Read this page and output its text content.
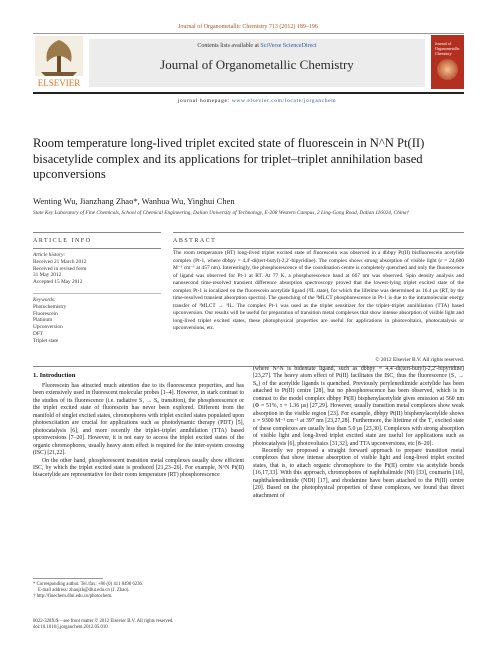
Journal of Organometallic Chemistry 713 (2012) 189–196
ELSEVIER
Contents lists available at SciVerse ScienceDirect
Journal of Organometallic Chemistry
Journal of Organometallic Chemistry
journal homepage: www.elsevier.com/locate/jorganchem
Room temperature long-lived triplet excited state of fluorescein in N^N Pt(II) bisacetylide complex and its applications for triplet–triplet annihilation based upconversions
Wenting Wu, Jianzhang Zhao*, Wanhua Wu, Yinghui Chen
State Key Laboratory of Fine Chemicals, School of Chemical Engineering, Dalian University of Technology, E-208 Western Campus, 2 Ling-Gong Road, Dalian 116024, China†
ARTICLE INFO
Article history:
Received 21 March 2012
Received in revised form
31 May 2012
Accepted 15 May 2012
Keywords:
Photochemistry
Fluorescein
Platinum
Upconversion
DFT
Triplet state
ABSTRACT
The room temperature (RT) long-lived triplet excited state of fluorescein was observed in a dbbpy Pt(II) bisfluorescein acetylide complex (Pt-1, where dbbpy = 4,4′-di(tert-butyl)-2,2′-bipyridine). The complex shows strong absorption of visible light (ε = 24,600 M⁻¹ cm⁻¹ at 457 nm). Interestingly, the phosphorescence of the coordination centre is completely quenched and only the fluorescence of ligand was observed for Pt-1 at RT. At 77 K, a phosphorescence band at 667 nm was observed. Spin density analysis and nanosecond time-resolved transient difference absorption spectroscopy proved that the lowest-lying triplet excited state of the complex Pt-1 is localized on the fluorescein acetylide ligand (³IL state), for which the lifetime was determined as 16.4 μs (RT, by the time-resolved transient absorption spectra). The quenching of the ³MLCT phosphorescence in Pt-1 is due to the intramolecular energy transfer of ³MLCT → ³IL. The complex Pt-1 was used as the triplet sensitizer for the triplet–triplet annihilation (TTA) based upconversion. Our results will be useful for preparation of transition metal complexes that show intense absorption of visible light and long-lived triplet excited states, these photophysical properties are useful for applications in photovoltaics, photocatalysis or upconversions, etc.
© 2012 Elsevier B.V. All rights reserved.
1. Introduction

Fluorescein has attracted much attention due to its fluorescence properties, and has been extensively used in fluorescent molecular probes [1–4]. However, in stark contrast to the studies of its fluorescence (i.e. radiative S₁ → S₀ transition), the phosphorescence or the triplet excited state of fluorescein has never been explored. Different from the manifold of singlet excited states, chromophores with triplet excited states populated upon photoexcitation are crucial for applications such as photodynamic therapy (PDT) [5], photocatalysis [6], and more recently the triplet–triplet annihilation (TTA) based upconversions [7–20]. However, it is not easy to access the triplet excited states of the organic chromophores, usually heavy atom effect is required for the inter-system crossing (ISC) [21,22].

On the other hand, phosphorescent transition metal complexes usually show efficient ISC, by which the triplet excited state is produced [21,23–26]. For example, N^N Pt(II) bisacetylide are representative for their room temperature (RT) phosphorescence

(where N^N is bidentate ligand, such as dbbpy = 4,4′-di(tert-butyl)-2,2′-bipyridine) [23,27]. The heavy atom effect of Pt(II) facilitates the ISC, thus the fluorescence (S₁ → S₀) of the acetylide ligands is quenched. Previously perylenediimide acetylide has been attached to Pt(II) centre [28], but no phosphorescence has been observed, which is in contrast to the model complex dbbpy Pt(II) bisphenylacetylide gives emission at 560 nm (Φ = 51%, τ = 1.36 μs) [27,29]. However, usually transition metal complexes show weak absorption in the visible region [23]. For example, dbbpy Pt(II) bisphenylacetylide shows ε = 9300 M⁻¹ cm⁻¹ at 397 nm [23,27,28]. Furthermore, the lifetime of the T₁ excited state of these complexes are usually less than 5.0 μs [23,30]. Complexes with strong absorption of visible light and long-lived triplet excited state are useful for applications such as photocatalysis [6], photovoltaics [31,32], and TTA upconversions, etc [8–20].

Recently we proposed a straight forward approach to prepare transition metal complexes that show intense absorption of visible light and long-lived triplet excited states, that is, to attach organic chromophore to the Pt(II) centre via acetylide bonds [16,17,33]. With this approach, chromophores of naphthalimide (NI) [33], coumarin [16], naphthalenediimide (NDI) [17], and rhodamine have been attached to the Pt(II) centre [20]. Based on the photophysical properties of these complexes, we found that direct attachment of

* Corresponding author. Tel./fax: +86 (0) 411 8498 6236.
E-mail address: zhaojzh@dlut.edu.cn (J. Zhao).
† http://finechem.dlut.edu.cn/photochem.
0022-328X/$ – see front matter © 2012 Elsevier B.V. All rights reserved.
doi:10.1016/j.jorganchem.2012.05.010
